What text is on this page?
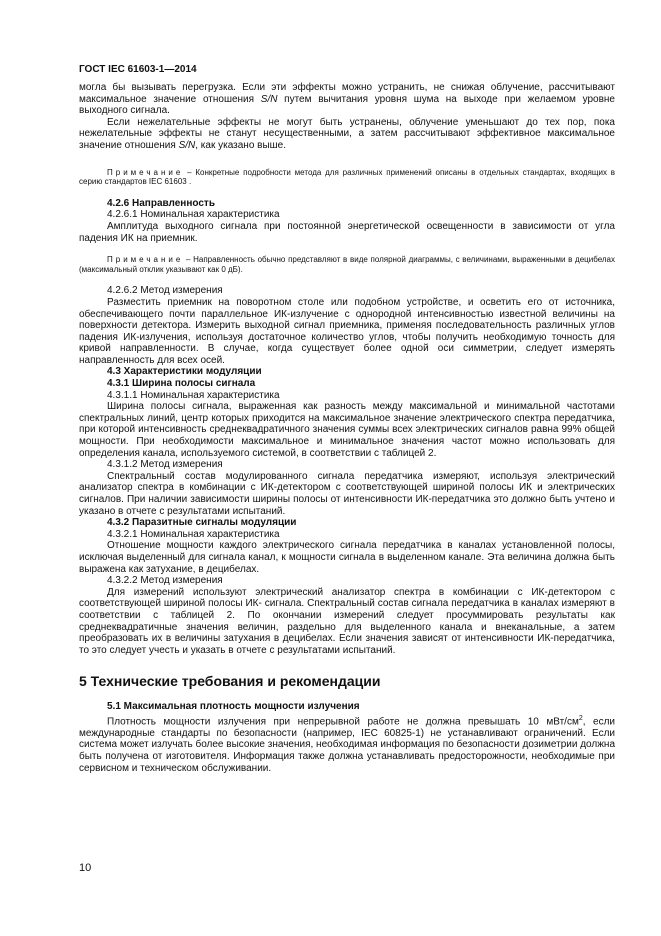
ГОСТ IEC 61603-1—2014

могла бы вызывать перегрузка. Если эти эффекты можно устранить, не снижая облучение, рассчитывают максимальное значение отношения S/N путем вычитания уровня шума на выходе при желаемом уровне выходного сигнала.

Если нежелательные эффекты не могут быть устранены, облучение уменьшают до тех пор, пока нежелательные эффекты не станут несущественными, а затем рассчитывают эффективное максимальное значение отношения S/N, как указано выше.

Примечание – Конкретные подробности метода для различных применений описаны в отдельных стандартах, входящих в серию стандартов IEC 61603 .

4.2.6 Направленность

4.2.6.1 Номинальная характеристика

Амплитуда выходного сигнала при постоянной энергетической освещенности в зависимости от угла падения ИК на приемник.

Примечание – Направленность обычно представляют в виде полярной диаграммы, с величинами, выраженными в децибелах (максимальный отклик указывают как 0 дБ).

4.2.6.2 Метод измерения

Разместить приемник на поворотном столе или подобном устройстве, и осветить его от источника, обеспечивающего почти параллельное ИК-излучение с однородной интенсивностью известной величины на поверхности детектора. Измерить выходной сигнал приемника, применяя последовательность различных углов падения ИК-излучения, используя достаточное количество углов, чтобы получить необходимую точность для кривой направленности. В случае, когда существует более одной оси симметрии, следует измерять направленность для всех осей.

4.3 Характеристики модуляции
4.3.1 Ширина полосы сигнала

4.3.1.1 Номинальная характеристика

Ширина полосы сигнала, выраженная как разность между максимальной и минимальной частотами спектральных линий, центр которых приходится на максимальное значение электрического спектра передатчика, при которой интенсивность среднеквадратичного значения суммы всех электрических сигналов равна 99% общей мощности. При необходимости максимальное и минимальное значения частот можно использовать для определения канала, используемого системой, в соответствии с таблицей 2.

4.3.1.2 Метод измерения

Спектральный состав модулированного сигнала передатчика измеряют, используя электрический анализатор спектра в комбинации с ИК-детектором с соответствующей шириной полосы ИК и электрических сигналов. При наличии зависимости ширины полосы от интенсивности ИК-передатчика это должно быть учтено и указано в отчете с результатами испытаний.

4.3.2 Паразитные сигналы модуляции

4.3.2.1 Номинальная характеристика

Отношение мощности каждого электрического сигнала передатчика в каналах установленной полосы, исключая выделенный для сигнала канал, к мощности сигнала в выделенном канале. Эта величина должна быть выражена как затухание, в децибелах.

4.3.2.2 Метод измерения

Для измерений используют электрический анализатор спектра в комбинации с ИК-детектором с соответствующей шириной полосы ИК- сигнала. Спектральный состав сигнала передатчика в каналах измеряют в соответствии с таблицей 2. По окончании измерений следует просуммировать результаты как среднеквадратичные значения величин, раздельно для выделенного канала и внеканальные, а затем преобразовать их в величины затухания в децибелах. Если значения зависят от интенсивности ИК-передатчика, то это следует учесть и указать в отчете с результатами испытаний.

5 Технические требования и рекомендации
5.1 Максимальная плотность мощности излучения

Плотность мощности излучения при непрерывной работе не должна превышать 10 мВт/$см^2$, если международные стандарты по безопасности (например, IEC 60825-1) не устанавливают ограничений. Если система может излучать более высокие значения, необходимая информация по безопасности дозиметрии должна быть получена от изготовителя. Информация также должна устанавливать предосторожности, необходимые при сервисном и техническом обслуживании.

10
